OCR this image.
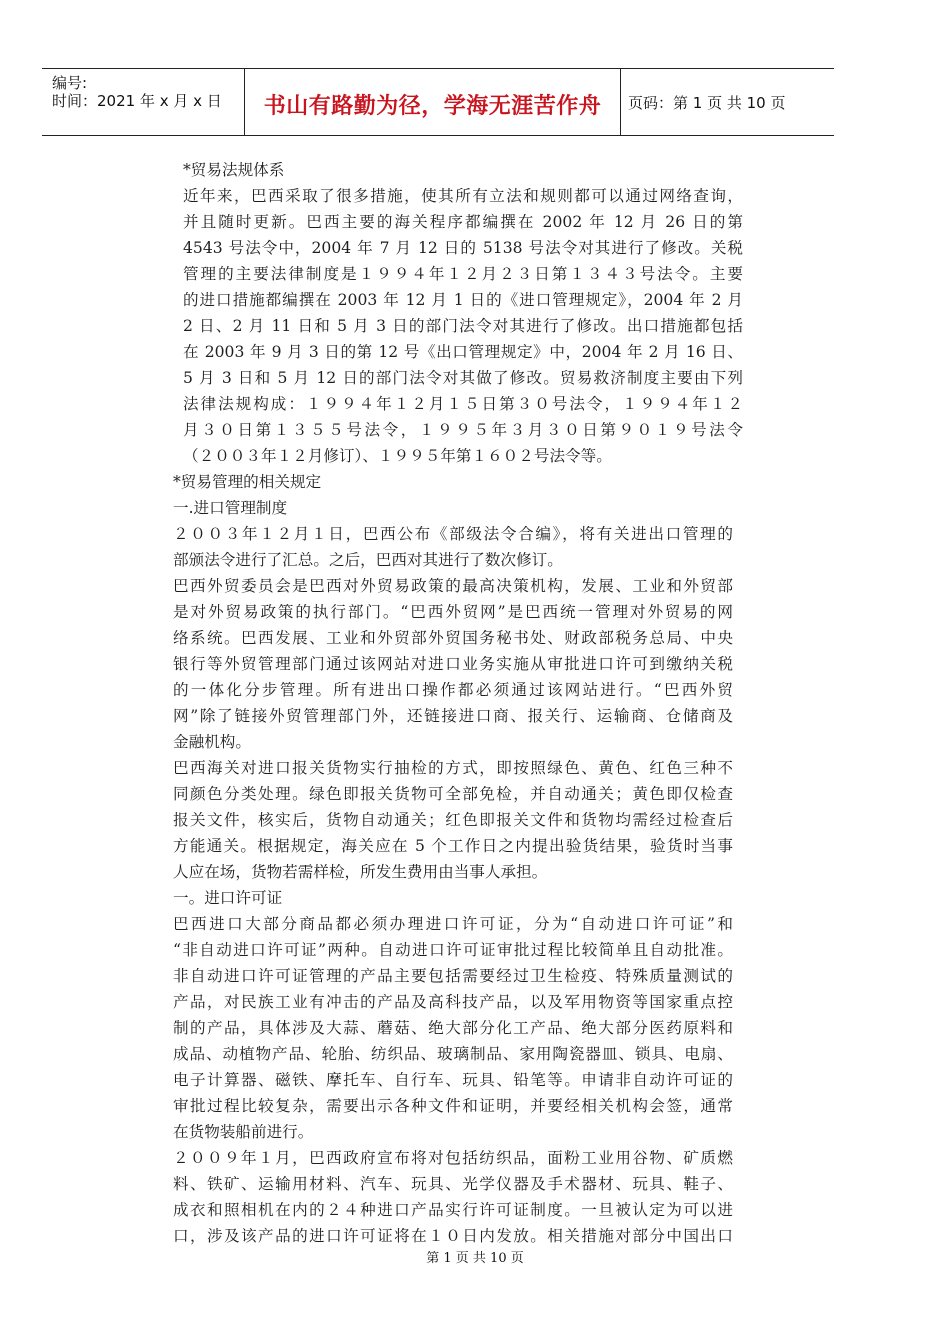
编号:
时间：2021 年 x 月 x 日	书山有路勤为径，学海无涯苦作舟	页码：第 1 页 共 10 页
*贸易法规体系
近年来，巴西采取了很多措施，使其所有立法和规则都可以通过网络查询，
并且随时更新。巴西主要的海关程序都编撰在 2002 年 12 月 26 日的第
4543 号法令中，2004 年 7 月 12 日的 5138 号法令对其进行了修改。关税
管理的主要法律制度是１９９４年１２月２３日第１３４３号法令。主要
的进口措施都编撰在 2003 年 12 月 1 日的《进口管理规定》，2004 年 2 月
2 日、2 月 11 日和 5 月 3 日的部门法令对其进行了修改。出口措施都包括
在 2003 年 9 月 3 日的第 12 号《出口管理规定》中，2004 年 2 月 16 日、
5 月 3 日和 5 月 12 日的部门法令对其做了修改。贸易救济制度主要由下列
法律法规构成：１９９４年１２月１５日第３０号法令，１９９４年１２
月３０日第１３５５号法令，１９９５年３月３０日第９０１９号法令
（２００３年１２月修订）、１９９５年第１６０２号法令等。
*贸易管理的相关规定
一.进口管理制度
２００３年１２月１日，巴西公布《部级法令合编》，将有关进出口管理的
部颁法令进行了汇总。之后，巴西对其进行了数次修订。
巴西外贸委员会是巴西对外贸易政策的最高决策机构，发展、工业和外贸部
是对外贸易政策的执行部门。“巴西外贸网”是巴西统一管理对外贸易的网
络系统。巴西发展、工业和外贸部外贸国务秘书处、财政部税务总局、中央
银行等外贸管理部门通过该网站对进口业务实施从审批进口许可到缴纳关税
的一体化分步管理。所有进出口操作都必须通过该网站进行。“巴西外贸
网”除了链接外贸管理部门外，还链接进口商、报关行、运输商、仓储商及
金融机构。
巴西海关对进口报关货物实行抽检的方式，即按照绿色、黄色、红色三种不
同颜色分类处理。绿色即报关货物可全部免检，并自动通关；黄色即仅检查
报关文件，核实后，货物自动通关；红色即报关文件和货物均需经过检查后
方能通关。根据规定，海关应在 5 个工作日之内提出验货结果，验货时当事
人应在场，货物若需样检，所发生费用由当事人承担。
一。进口许可证
巴西进口大部分商品都必须办理进口许可证，分为“自动进口许可证”和
“非自动进口许可证”两种。自动进口许可证审批过程比较简单且自动批准。
非自动进口许可证管理的产品主要包括需要经过卫生检疫、特殊质量测试的
产品，对民族工业有冲击的产品及高科技产品，以及军用物资等国家重点控
制的产品，具体涉及大蒜、蘑菇、绝大部分化工产品、绝大部分医药原料和
成品、动植物产品、轮胎、纺织品、玻璃制品、家用陶瓷器皿、锁具、电扇、
电子计算器、磁铁、摩托车、自行车、玩具、铅笔等。申请非自动许可证的
审批过程比较复杂，需要出示各种文件和证明，并要经相关机构会签，通常
在货物装船前进行。
２００９年１月，巴西政府宣布将对包括纺织品，面粉工业用谷物、矿质燃
料、铁矿、运输用材料、汽车、玩具、光学仪器及手术器材、玩具、鞋子、
成衣和照相机在内的２４种进口产品实行许可证制度。一旦被认定为可以进
口，涉及该产品的进口许可证将在１０日内发放。相关措施对部分中国出口
第 1 页 共 10 页
